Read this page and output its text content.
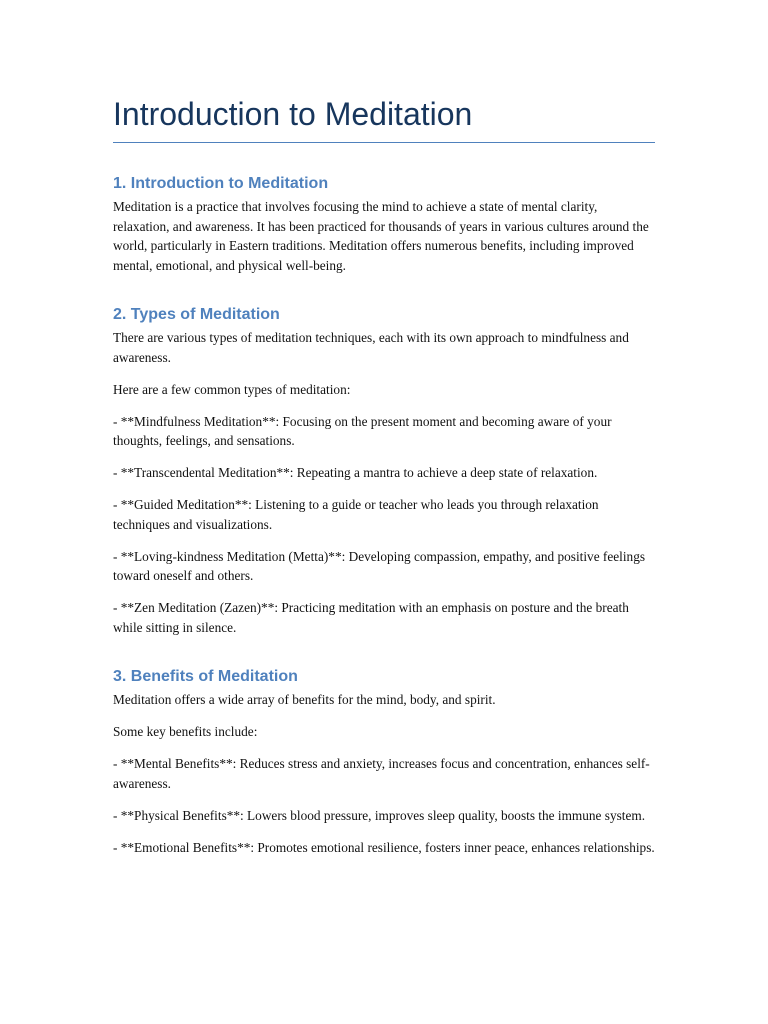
Introduction to Meditation
1. Introduction to Meditation

Meditation is a practice that involves focusing the mind to achieve a state of mental clarity, relaxation, and awareness. It has been practiced for thousands of years in various cultures around the world, particularly in Eastern traditions. Meditation offers numerous benefits, including improved mental, emotional, and physical well-being.

2. Types of Meditation

There are various types of meditation techniques, each with its own approach to mindfulness and awareness.

Here are a few common types of meditation:

- **Mindfulness Meditation**: Focusing on the present moment and becoming aware of your thoughts, feelings, and sensations.

- **Transcendental Meditation**: Repeating a mantra to achieve a deep state of relaxation.

- **Guided Meditation**: Listening to a guide or teacher who leads you through relaxation techniques and visualizations.

- **Loving-kindness Meditation (Metta)**: Developing compassion, empathy, and positive feelings toward oneself and others.

- **Zen Meditation (Zazen)**: Practicing meditation with an emphasis on posture and the breath while sitting in silence.

3. Benefits of Meditation

Meditation offers a wide array of benefits for the mind, body, and spirit.

Some key benefits include:

- **Mental Benefits**: Reduces stress and anxiety, increases focus and concentration, enhances self-awareness.

- **Physical Benefits**: Lowers blood pressure, improves sleep quality, boosts the immune system.

- **Emotional Benefits**: Promotes emotional resilience, fosters inner peace, enhances relationships.
